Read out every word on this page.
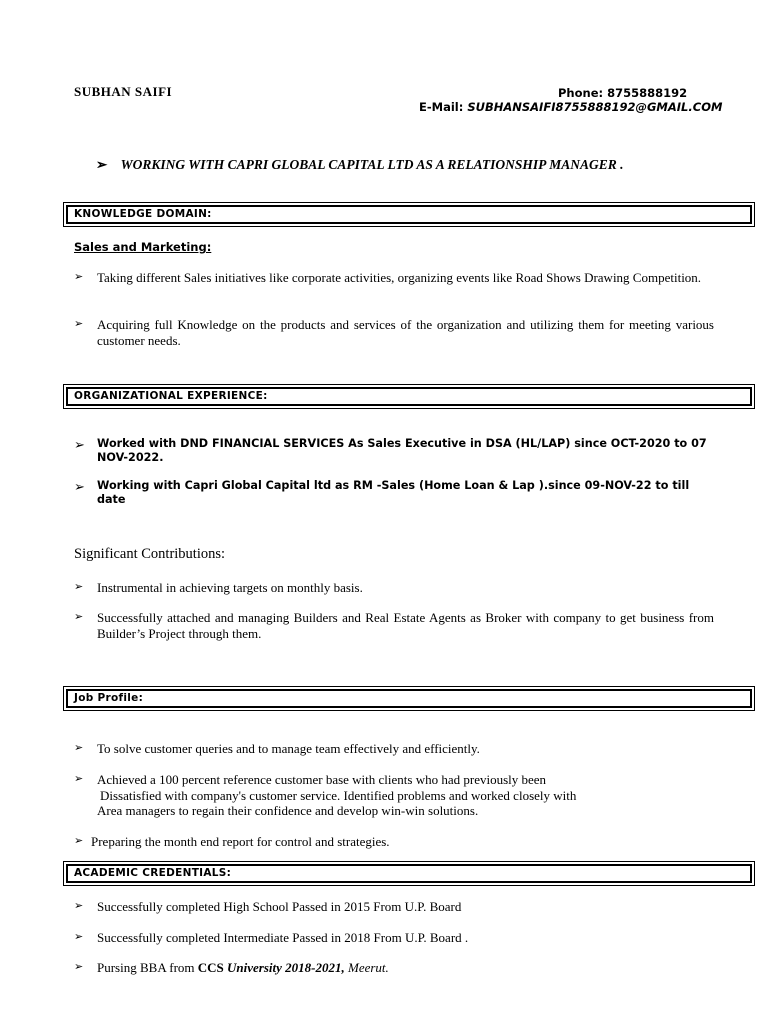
SUBHAN SAIFI	Phone: 8755888192
E-Mail: SUBHANSAIFI8755888192@GMAIL.COM
➢ WORKING WITH CAPRI GLOBAL CAPITAL LTD AS A RELATIONSHIP MANAGER .
KNOWLEDGE DOMAIN:
Sales and Marketing:
➢ Taking different Sales initiatives like corporate activities, organizing events like Road Shows Drawing Competition.
➢ Acquiring full Knowledge on the products and services of the organization and utilizing them for meeting various customer needs.
ORGANIZATIONAL EXPERIENCE:
➢ Worked with DND FINANCIAL SERVICES As Sales Executive in DSA (HL/LAP) since OCT-2020 to 07 NOV-2022.
➢ Working with Capri Global Capital ltd as RM -Sales (Home Loan & Lap ).since 09-NOV-22 to till date
Significant Contributions:
➢ Instrumental in achieving targets on monthly basis.
➢ Successfully attached and managing Builders and Real Estate Agents as Broker with company to get business from Builder’s Project through them.
Job Profile:
➢ To solve customer queries and to manage team effectively and efficiently.
➢ Achieved a 100 percent reference customer base with clients who had previously been
Dissatisfied with company's customer service. Identified problems and worked closely with
Area managers to regain their confidence and develop win-win solutions.
➢ Preparing the month end report for control and strategies.
ACADEMIC CREDENTIALS:
➢ Successfully completed High School Passed in 2015 From U.P. Board
➢ Successfully completed Intermediate Passed in 2018 From U.P. Board .
➢ Pursing BBA from CCS University 2018-2021, Meerut.
